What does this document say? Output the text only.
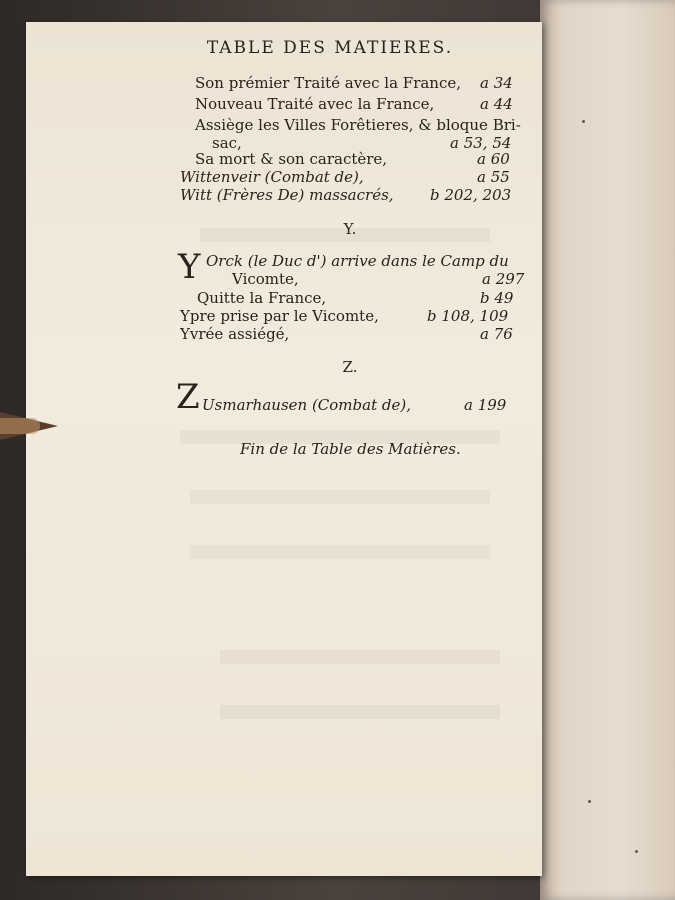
TABLE DES MATIERES.
Son prémier Traité avec la France, a 34
Nouveau Traité avec la France,	a 44
Assiège les Villes Forêtieres, & bloque Bri-
sac,	a 53, 54
Sa mort & son caractère,	a 60
Wittenveir (Combat de),	a 55
Witt (Frères De) massacrés, b 202, 203
Y.
Y Orck (le Duc d') arrive dans le Camp du
Vicomte,	a 297
Quitte la France,	b 49
Ypre prise par le Vicomte,	b 108, 109
Yvrée assiégé,	a 76
Z.
Z Usmarhausen (Combat de),	a 199
Fin de la Table des Matières.
